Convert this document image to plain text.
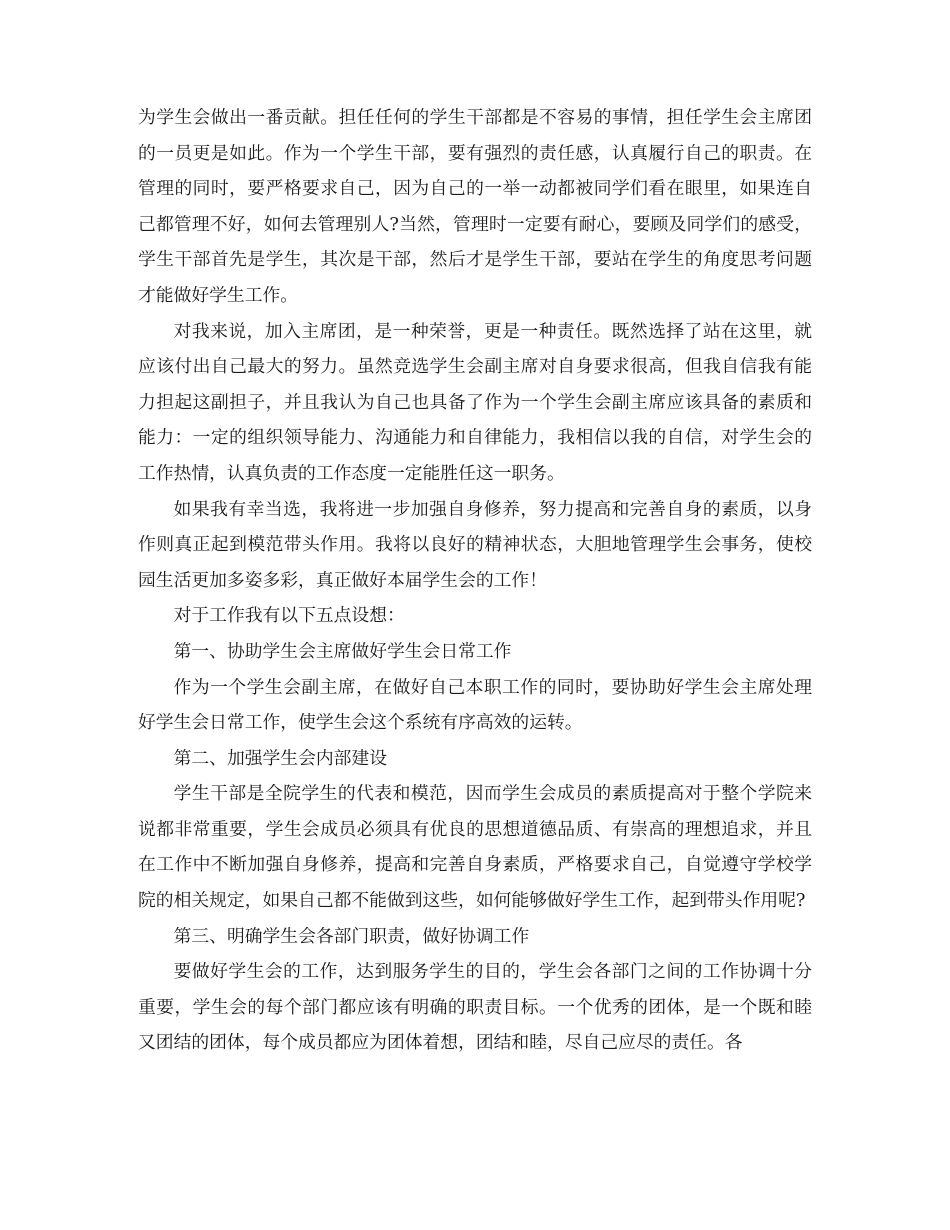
为学生会做出一番贡献。担任任何的学生干部都是不容易的事情，担任学生会主席团的一员更是如此。作为一个学生干部，要有强烈的责任感，认真履行自己的职责。在管理的同时，要严格要求自己，因为自己的一举一动都被同学们看在眼里，如果连自己都管理不好，如何去管理别人?当然，管理时一定要有耐心，要顾及同学们的感受，学生干部首先是学生，其次是干部，然后才是学生干部，要站在学生的角度思考问题才能做好学生工作。

对我来说，加入主席团，是一种荣誉，更是一种责任。既然选择了站在这里，就应该付出自己最大的努力。虽然竞选学生会副主席对自身要求很高，但我自信我有能力担起这副担子，并且我认为自己也具备了作为一个学生会副主席应该具备的素质和能力：一定的组织领导能力、沟通能力和自律能力，我相信以我的自信，对学生会的工作热情，认真负责的工作态度一定能胜任这一职务。

如果我有幸当选，我将进一步加强自身修养，努力提高和完善自身的素质，以身作则真正起到模范带头作用。我将以良好的精神状态，大胆地管理学生会事务，使校园生活更加多姿多彩，真正做好本届学生会的工作！

对于工作我有以下五点设想：

第一、协助学生会主席做好学生会日常工作

作为一个学生会副主席，在做好自己本职工作的同时，要协助好学生会主席处理好学生会日常工作，使学生会这个系统有序高效的运转。

第二、加强学生会内部建设

学生干部是全院学生的代表和模范，因而学生会成员的素质提高对于整个学院来说都非常重要，学生会成员必须具有优良的思想道德品质、有崇高的理想追求，并且在工作中不断加强自身修养，提高和完善自身素质，严格要求自己，自觉遵守学校学院的相关规定，如果自己都不能做到这些，如何能够做好学生工作，起到带头作用呢?

第三、明确学生会各部门职责，做好协调工作

要做好学生会的工作，达到服务学生的目的，学生会各部门之间的工作协调十分重要，学生会的每个部门都应该有明确的职责目标。一个优秀的团体，是一个既和睦又团结的团体，每个成员都应为团体着想，团结和睦，尽自己应尽的责任。各
